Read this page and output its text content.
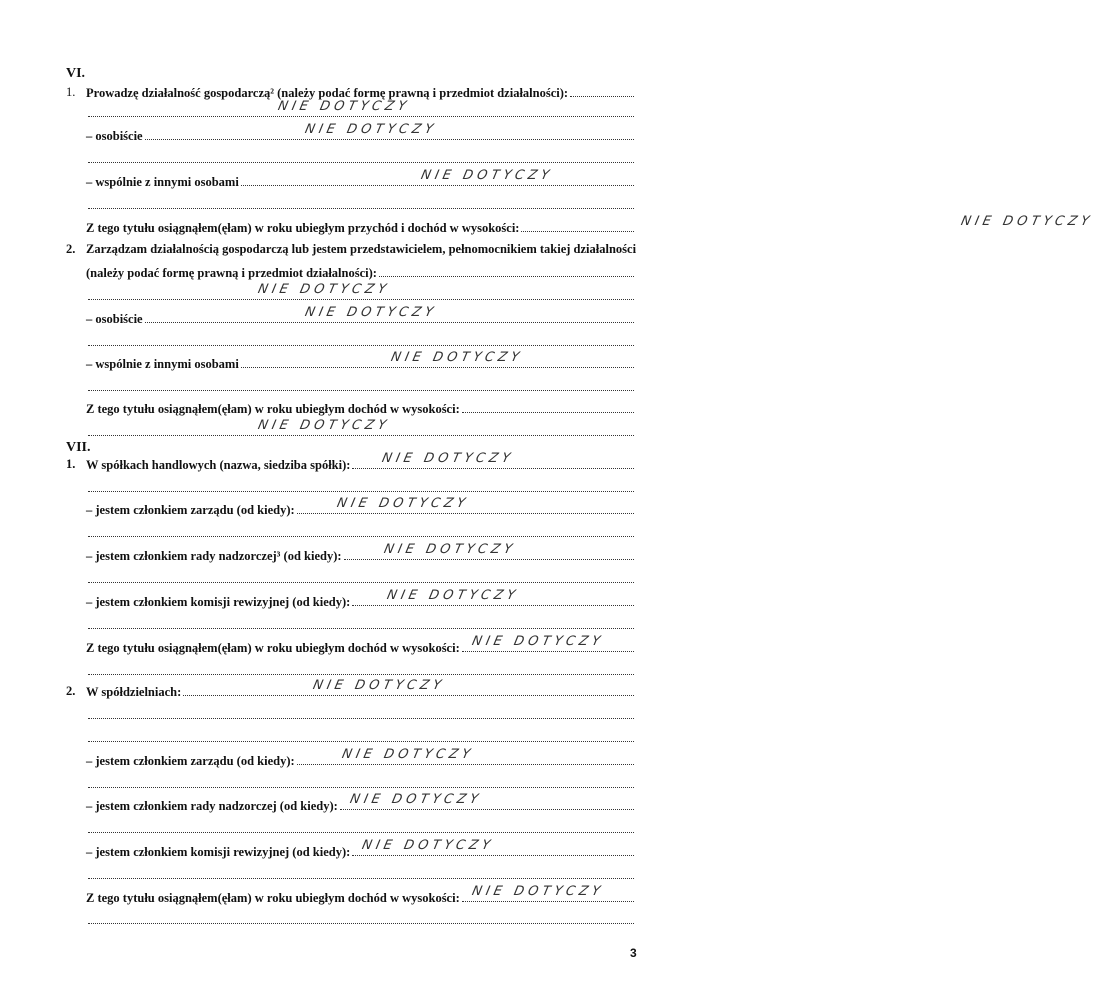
VI.
VII.
1. Prowadzę działalność gospodarczą² (należy podać formę prawną i przedmiot działalności):
NIE DOTYCZY
– osobiście	NIE DOTYCZY
– wspólnie z innymi osobami	NIE DOTYCZY
Z tego tytułu osiągnąłem(ęłam) w roku ubiegłym przychód i dochód w wysokości:	NIE DOTYCZY
2. Zarządzam działalnością gospodarczą lub jestem przedstawicielem, pełnomocnikiem takiej działalności
(należy podać formę prawną i przedmiot działalności):
NIE DOTYCZY
– osobiście	NIE DOTYCZY
– wspólnie z innymi osobami	NIE DOTYCZY
Z tego tytułu osiągnąłem(ęłam) w roku ubiegłym dochód w wysokości:
NIE DOTYCZY
1. W spółkach handlowych (nazwa, siedziba spółki): NIE DOTYCZY
– jestem członkiem zarządu (od kiedy):	NIE DOTYCZY
– jestem członkiem rady nadzorczej³ (od kiedy):	NIE DOTYCZY
– jestem członkiem komisji rewizyjnej (od kiedy):	NIE DOTYCZY
Z tego tytułu osiągnąłem(ęłam) w roku ubiegłym dochód w wysokości: NIE DOTYCZY
2. W spółdzielniach:	NIE DOTYCZY
– jestem członkiem zarządu (od kiedy):	NIE DOTYCZY
– jestem członkiem rady nadzorczej (od kiedy): NIE DOTYCZY
– jestem członkiem komisji rewizyjnej (od kiedy): NIE DOTYCZY
Z tego tytułu osiągnąłem(ęłam) w roku ubiegłym dochód w wysokości: NIE DOTYCZY
3
